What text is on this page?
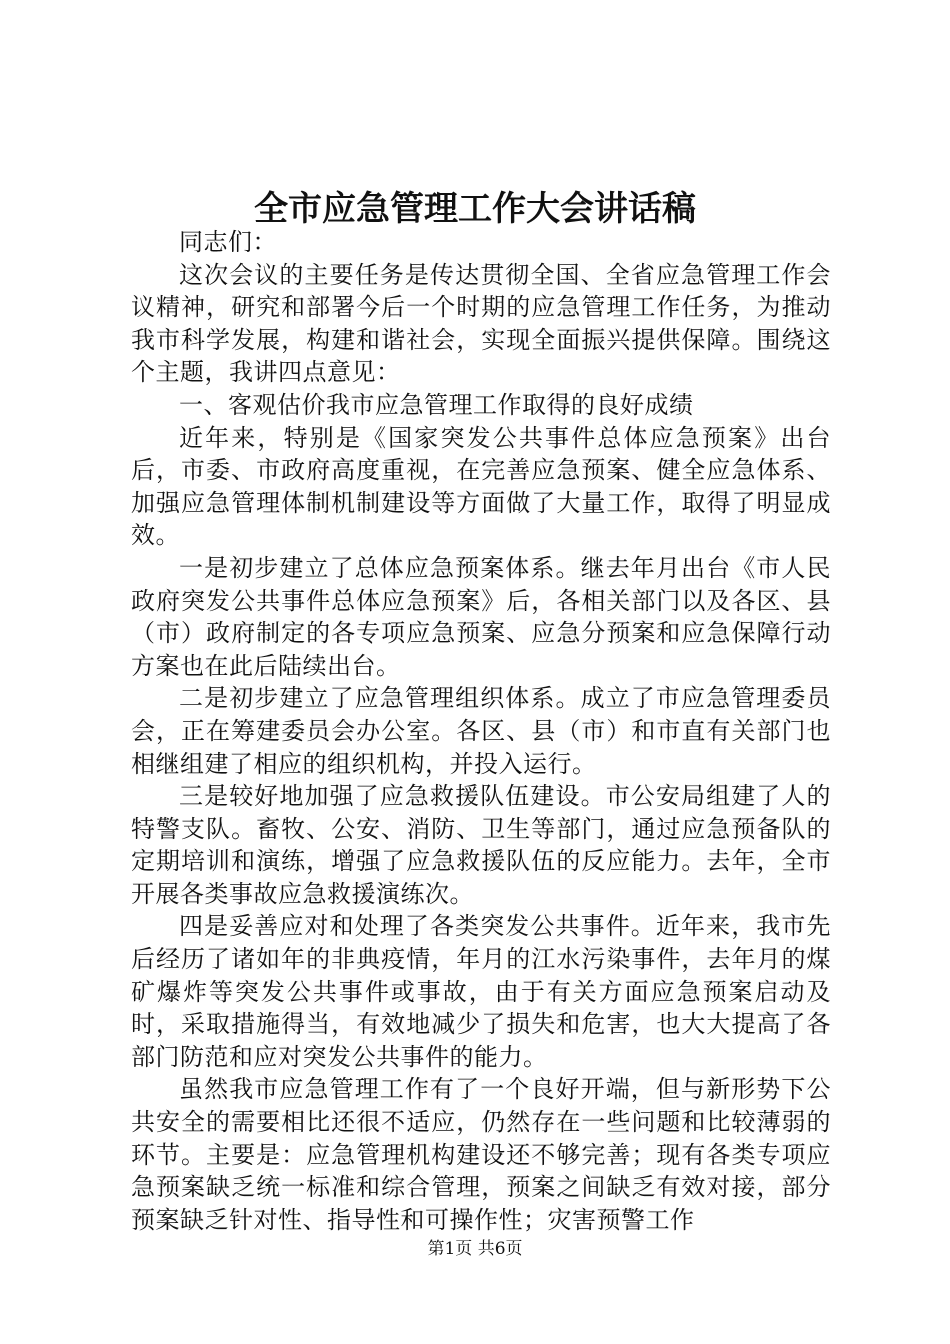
全市应急管理工作大会讲话稿

同志们：

这次会议的主要任务是传达贯彻全国、全省应急管理工作会议精神，研究和部署今后一个时期的应急管理工作任务，为推动我市科学发展，构建和谐社会，实现全面振兴提供保障。围绕这个主题，我讲四点意见：

一、客观估价我市应急管理工作取得的良好成绩

近年来，特别是《国家突发公共事件总体应急预案》出台后，市委、市政府高度重视，在完善应急预案、健全应急体系、加强应急管理体制机制建设等方面做了大量工作，取得了明显成效。

一是初步建立了总体应急预案体系。继去年月出台《市人民政府突发公共事件总体应急预案》后，各相关部门以及各区、县（市）政府制定的各专项应急预案、应急分预案和应急保障行动方案也在此后陆续出台。

二是初步建立了应急管理组织体系。成立了市应急管理委员会，正在筹建委员会办公室。各区、县（市）和市直有关部门也相继组建了相应的组织机构，并投入运行。

三是较好地加强了应急救援队伍建设。市公安局组建了人的特警支队。畜牧、公安、消防、卫生等部门，通过应急预备队的定期培训和演练，增强了应急救援队伍的反应能力。去年，全市开展各类事故应急救援演练次。

四是妥善应对和处理了各类突发公共事件。近年来，我市先后经历了诸如年的非典疫情，年月的江水污染事件，去年月的煤矿爆炸等突发公共事件或事故，由于有关方面应急预案启动及时，采取措施得当，有效地减少了损失和危害，也大大提高了各部门防范和应对突发公共事件的能力。

虽然我市应急管理工作有了一个良好开端，但与新形势下公共安全的需要相比还很不适应，仍然存在一些问题和比较薄弱的环节。主要是：应急管理机构建设还不够完善；现有各类专项应急预案缺乏统一标准和综合管理，预案之间缺乏有效对接，部分预案缺乏针对性、指导性和可操作性；灾害预警工作

第1页 共6页
